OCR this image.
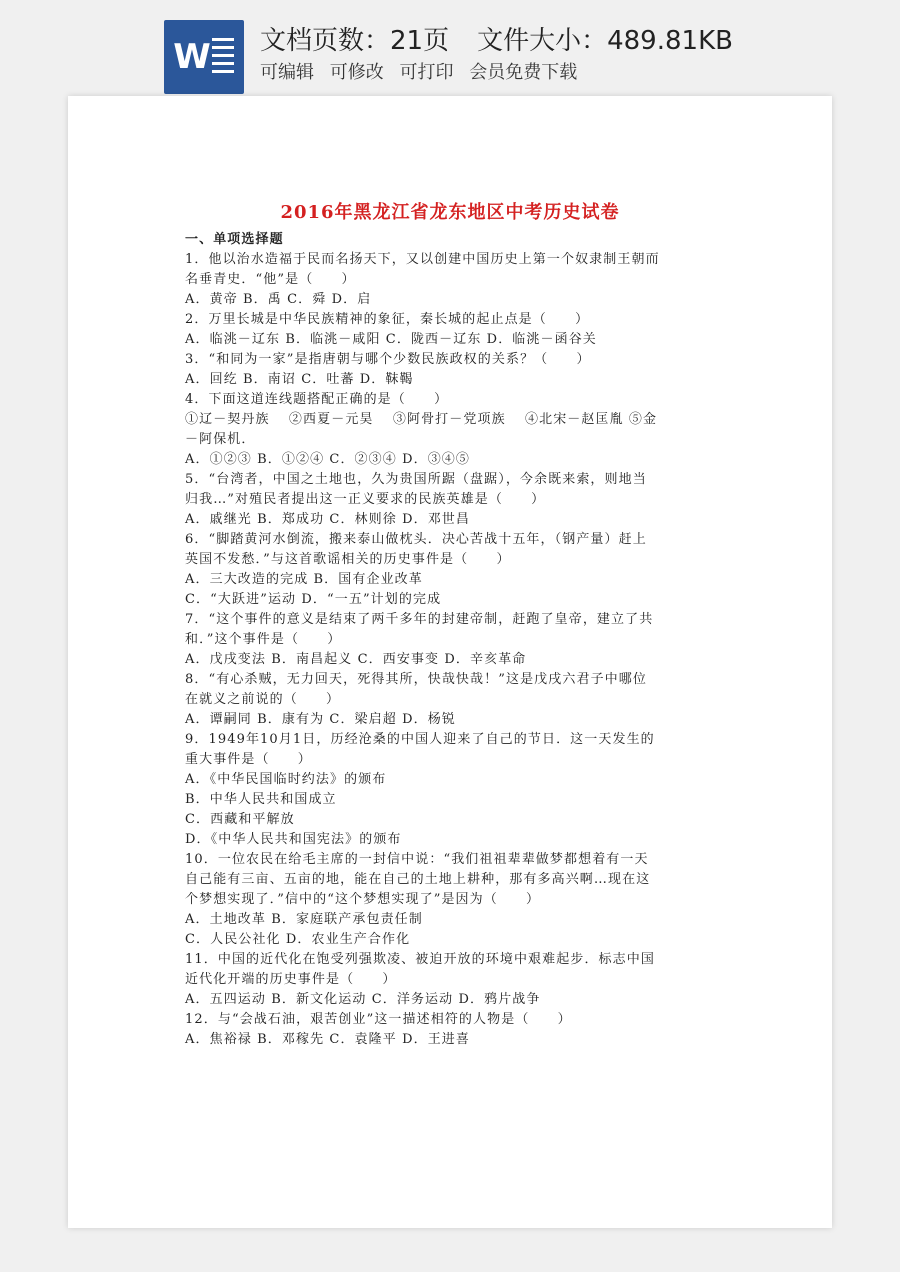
W 文档页数：21页 文件大小：489.81KB
可编辑 可修改 可打印 会员免费下载
2016年黑龙江省龙东地区中考历史试卷

一、单项选择题

1．他以治水造福于民而名扬天下，又以创建中国历史上第一个奴隶制王朝而

名垂青史．“他”是（　　）

A．黄帝 B．禹 C．舜 D．启

2．万里长城是中华民族精神的象征，秦长城的起止点是（　　）

A．临洮－辽东 B．临洮－咸阳 C．陇西－辽东 D．临洮－函谷关

3．“和同为一家”是指唐朝与哪个少数民族政权的关系？（　　）

A．回纥 B．南诏 C．吐蕃 D．靺鞨

4．下面这道连线题搭配正确的是（　　）

①辽－契丹族　 ②西夏－元昊　 ③阿骨打－党项族　 ④北宋－赵匡胤 ⑤金

－阿保机．

A．①②③ B．①②④ C．②③④ D．③④⑤

5．“台湾者，中国之土地也，久为贵国所踞（盘踞），今余既来索，则地当

归我…”对殖民者提出这一正义要求的民族英雄是（　　）

A．戚继光 B．郑成功 C．林则徐 D．邓世昌

6．“脚踏黄河水倒流，搬来泰山做枕头．决心苦战十五年，（钢产量）赶上

英国不发愁．”与这首歌谣相关的历史事件是（　　）

A．三大改造的完成 B．国有企业改革

C．“大跃进”运动 D．“一五”计划的完成

7．“这个事件的意义是结束了两千多年的封建帝制，赶跑了皇帝，建立了共

和．”这个事件是（　　）

A．戊戌变法 B．南昌起义 C．西安事变 D．辛亥革命

8．“有心杀贼，无力回天，死得其所，快哉快哉！”这是戊戌六君子中哪位

在就义之前说的（　　）

A．谭嗣同 B．康有为 C．梁启超 D．杨锐

9．1949年10月1日，历经沧桑的中国人迎来了自己的节日．这一天发生的

重大事件是（　　）

A．《中华民国临时约法》的颁布

B．中华人民共和国成立

C．西藏和平解放

D．《中华人民共和国宪法》的颁布

10．一位农民在给毛主席的一封信中说：“我们祖祖辈辈做梦都想着有一天

自己能有三亩、五亩的地，能在自己的土地上耕种，那有多高兴啊…现在这

个梦想实现了．”信中的“这个梦想实现了”是因为（　　）

A．土地改革 B．家庭联产承包责任制

C．人民公社化 D．农业生产合作化

11．中国的近代化在饱受列强欺凌、被迫开放的环境中艰难起步．标志中国

近代化开端的历史事件是（　　）

A．五四运动 B．新文化运动 C．洋务运动 D．鸦片战争

12．与“会战石油，艰苦创业”这一描述相符的人物是（　　）

A．焦裕禄 B．邓稼先 C．袁隆平 D．王进喜
